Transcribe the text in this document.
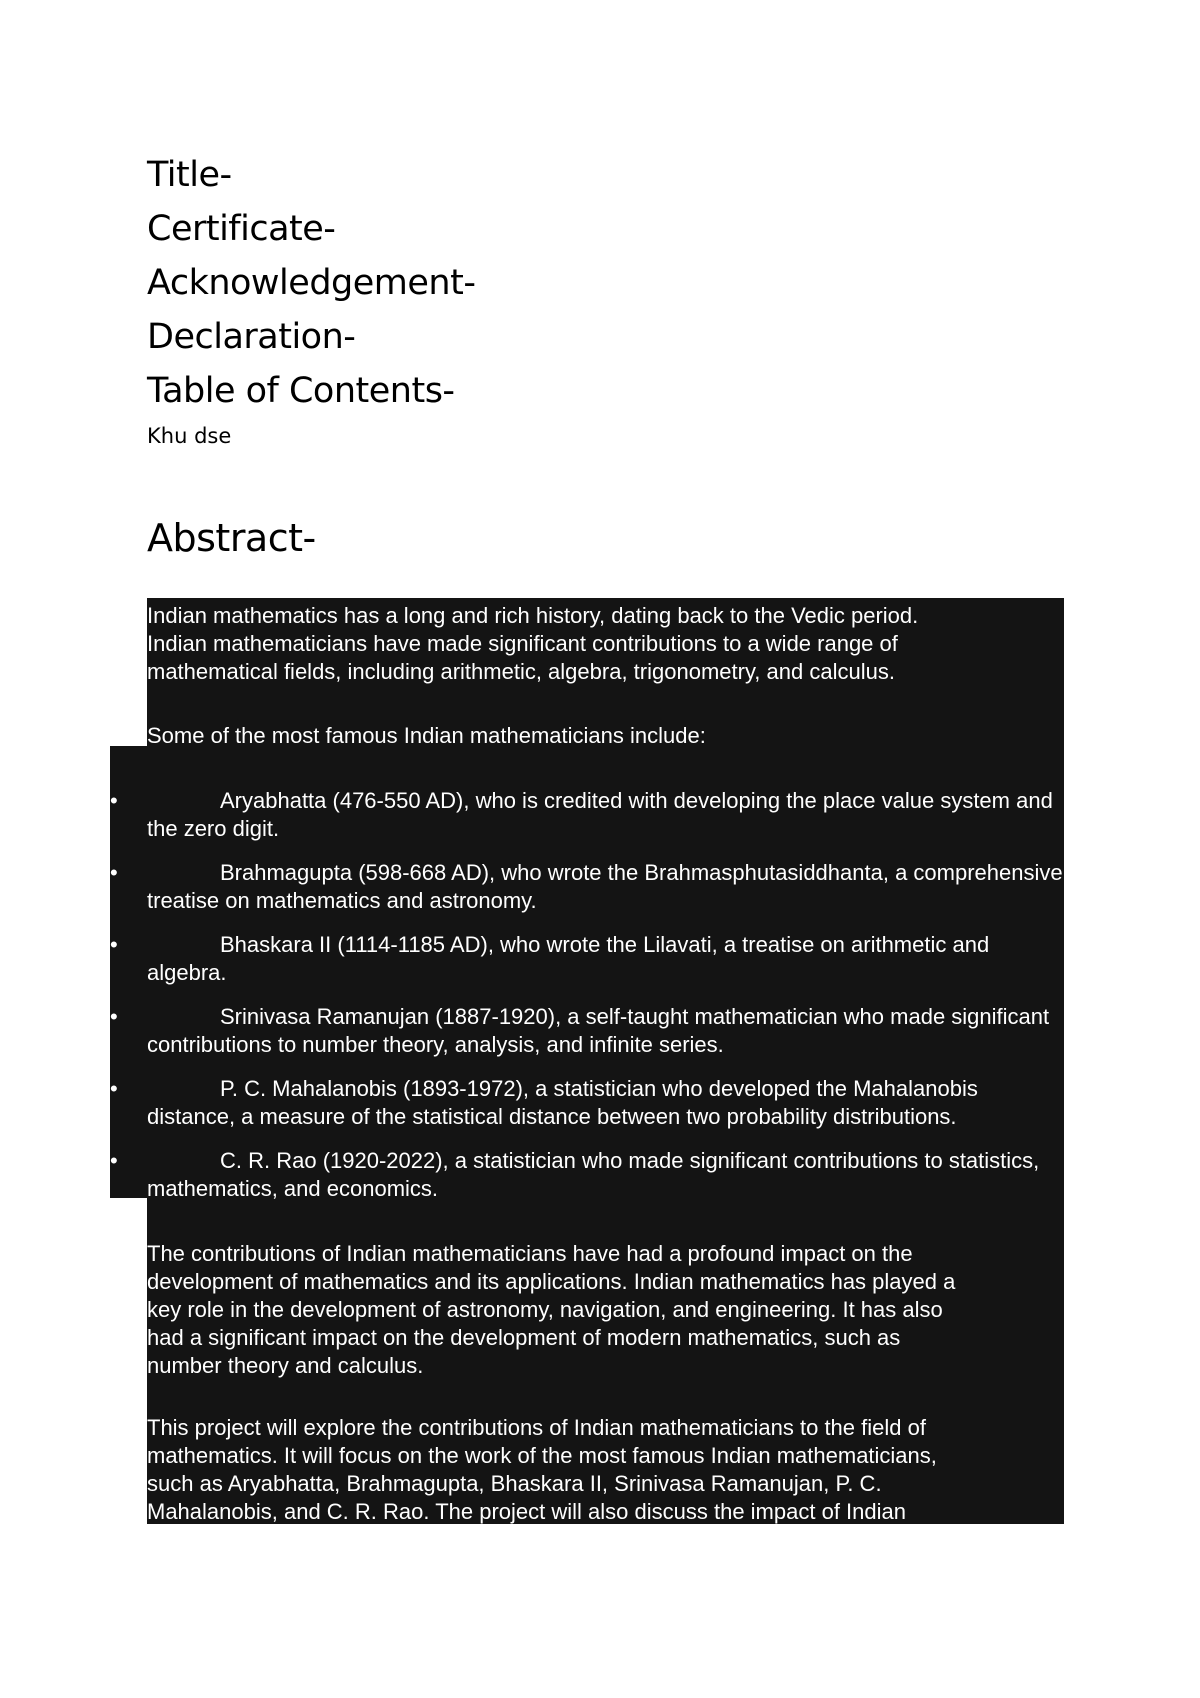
Title-
Certificate-
Acknowledgement-
Declaration-
Table of Contents-
Khu dse
Abstract-
Indian mathematics has a long and rich history, dating back to the Vedic period.
Indian mathematicians have made significant contributions to a wide range of
mathematical fields, including arithmetic, algebra, trigonometry, and calculus.
Some of the most famous Indian mathematicians include:
•	Aryabhatta (476-550 AD), who is credited with developing the place value system and the zero digit.
•	Brahmagupta (598-668 AD), who wrote the Brahmasphutasiddhanta, a comprehensive treatise on mathematics and astronomy.
•	Bhaskara II (1114-1185 AD), who wrote the Lilavati, a treatise on arithmetic and algebra.
•	Srinivasa Ramanujan (1887-1920), a self-taught mathematician who made significant contributions to number theory, analysis, and infinite series.
•	P. C. Mahalanobis (1893-1972), a statistician who developed the Mahalanobis distance, a measure of the statistical distance between two probability distributions.
•	C. R. Rao (1920-2022), a statistician who made significant contributions to statistics, mathematics, and economics.
The contributions of Indian mathematicians have had a profound impact on the
development of mathematics and its applications. Indian mathematics has played a
key role in the development of astronomy, navigation, and engineering. It has also
had a significant impact on the development of modern mathematics, such as
number theory and calculus.
This project will explore the contributions of Indian mathematicians to the field of
mathematics. It will focus on the work of the most famous Indian mathematicians,
such as Aryabhatta, Brahmagupta, Bhaskara II, Srinivasa Ramanujan, P. C.
Mahalanobis, and C. R. Rao. The project will also discuss the impact of Indian
